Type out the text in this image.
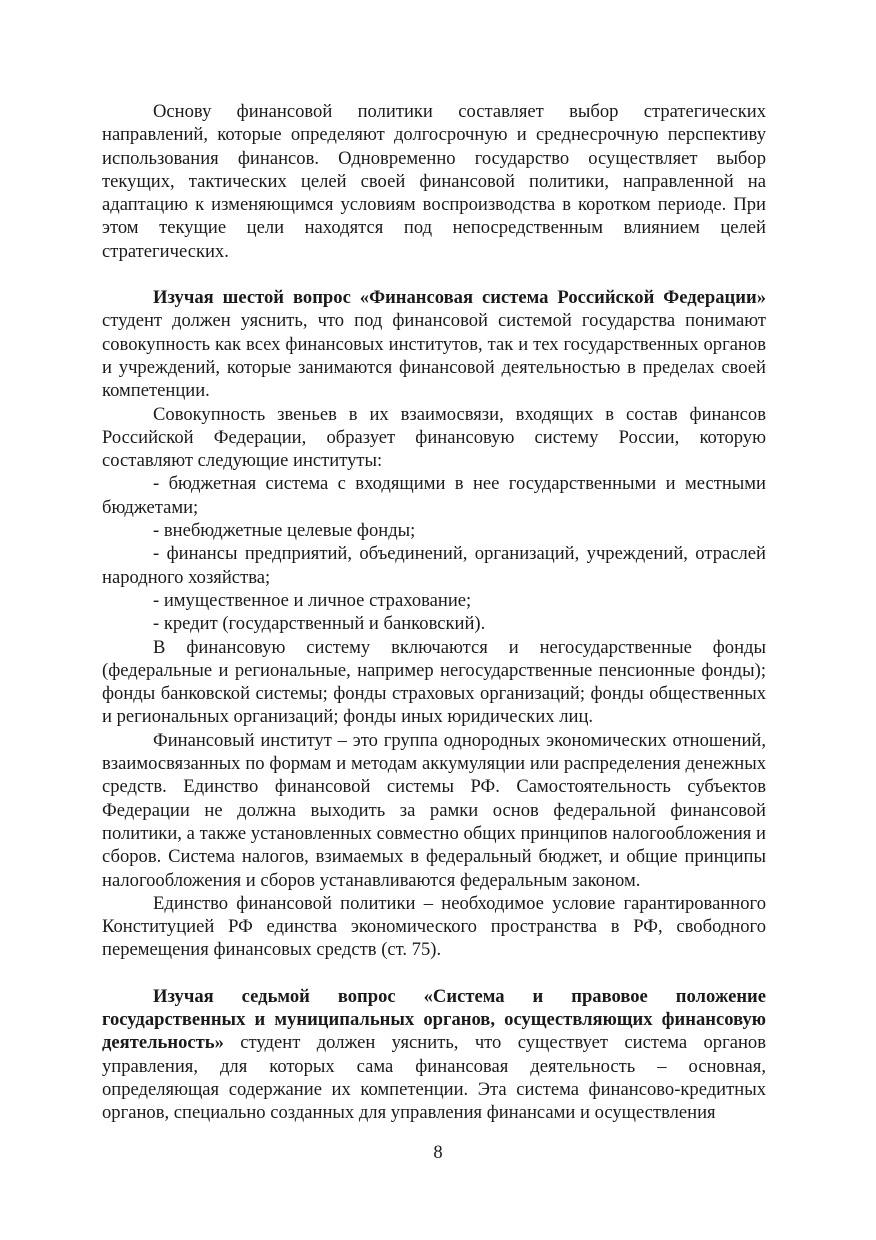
Основу финансовой политики составляет выбор стратегических направлений, которые определяют долгосрочную и среднесрочную перспективу использования финансов. Одновременно государство осуществляет выбор текущих, тактических целей своей финансовой политики, направленной на адаптацию к изменяющимся условиям воспроизводства в коротком периоде. При этом текущие цели находятся под непосредственным влиянием целей стратегических.

Изучая шестой вопрос «Финансовая система Российской Федерации» студент должен уяснить, что под финансовой системой государства понимают совокупность как всех финансовых институтов, так и тех государственных органов и учреждений, которые занимаются финансовой деятельностью в пределах своей компетенции.

Совокупность звеньев в их взаимосвязи, входящих в состав финансов Российской Федерации, образует финансовую систему России, которую составляют следующие институты:

- бюджетная система с входящими в нее государственными и местными бюджетами;

- внебюджетные целевые фонды;

- финансы предприятий, объединений, организаций, учреждений, отраслей народного хозяйства;

- имущественное и личное страхование;

- кредит (государственный и банковский).

В финансовую систему включаются и негосударственные фонды (федеральные и региональные, например негосударственные пенсионные фонды); фонды банковской системы; фонды страховых организаций; фонды общественных и региональных организаций; фонды иных юридических лиц.

Финансовый институт – это группа однородных экономических отношений, взаимосвязанных по формам и методам аккумуляции или распределения денежных средств. Единство финансовой системы РФ. Самостоятельность субъектов Федерации не должна выходить за рамки основ федеральной финансовой политики, а также установленных совместно общих принципов налогообложения и сборов. Система налогов, взимаемых в федеральный бюджет, и общие принципы налогообложения и сборов устанавливаются федеральным законом.

Единство финансовой политики – необходимое условие гарантированного Конституцией РФ единства экономического пространства в РФ, свободного перемещения финансовых средств (ст. 75).

Изучая седьмой вопрос «Система и правовое положение государственных и муниципальных органов, осуществляющих финансовую деятельность» студент должен уяснить, что существует система органов управления, для которых сама финансовая деятельность – основная, определяющая содержание их компетенции. Эта система финансово-кредитных органов, специально созданных для управления финансами и осуществления

8
